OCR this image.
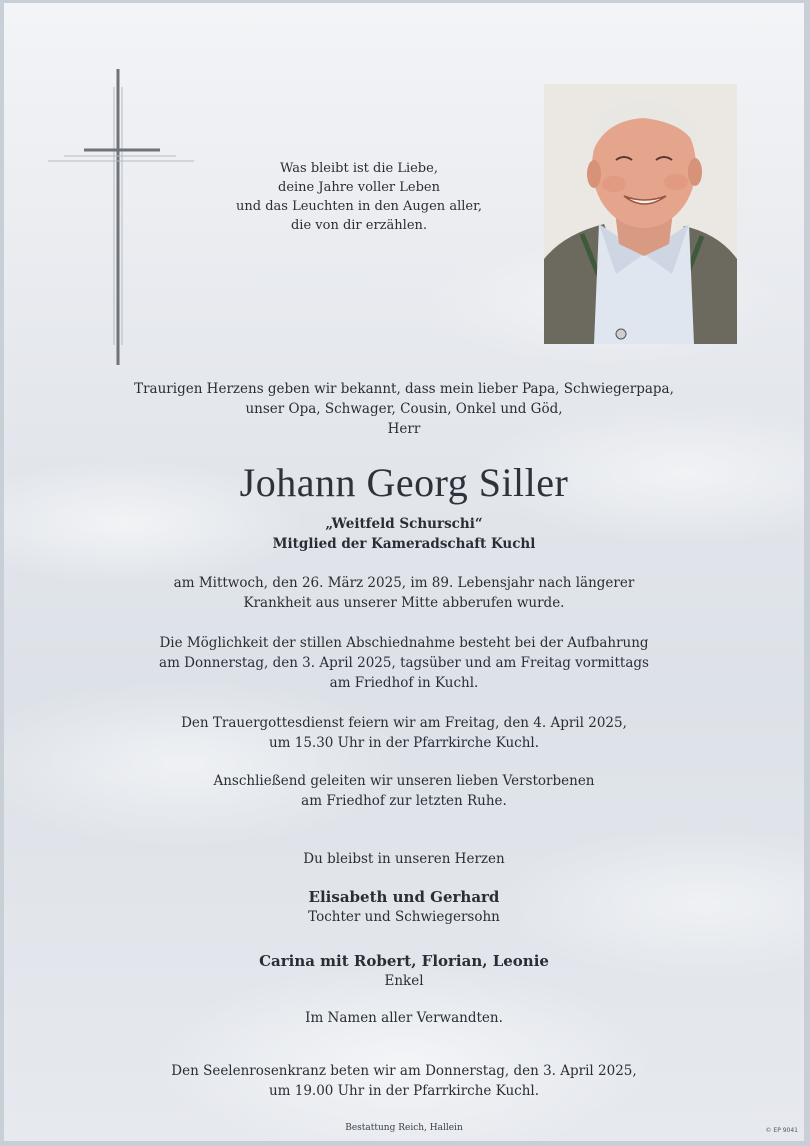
Was bleibt ist die Liebe,
deine Jahre voller Leben
und das Leuchten in den Augen aller,
die von dir erzählen.
Traurigen Herzens geben wir bekannt, dass mein lieber Papa, Schwiegerpapa,
unser Opa, Schwager, Cousin, Onkel und Göd,
Herr
Johann Georg Siller
„Weitfeld Schurschi“
Mitglied der Kameradschaft Kuchl
am Mittwoch, den 26. März 2025, im 89. Lebensjahr nach längerer
Krankheit aus unserer Mitte abberufen wurde.
Die Möglichkeit der stillen Abschiednahme besteht bei der Aufbahrung
am Donnerstag, den 3. April 2025, tagsüber und am Freitag vormittags
am Friedhof in Kuchl.
Den Trauergottesdienst feiern wir am Freitag, den 4. April 2025,
um 15.30 Uhr in der Pfarrkirche Kuchl.
Anschließend geleiten wir unseren lieben Verstorbenen
am Friedhof zur letzten Ruhe.
Du bleibst in unseren Herzen
Elisabeth und Gerhard
Tochter und Schwiegersohn
Carina mit Robert, Florian, Leonie
Enkel
Im Namen aller Verwandten.
Den Seelenrosenkranz beten wir am Donnerstag, den 3. April 2025,
um 19.00 Uhr in der Pfarrkirche Kuchl.
Bestattung Reich, Hallein	© EP 9041
